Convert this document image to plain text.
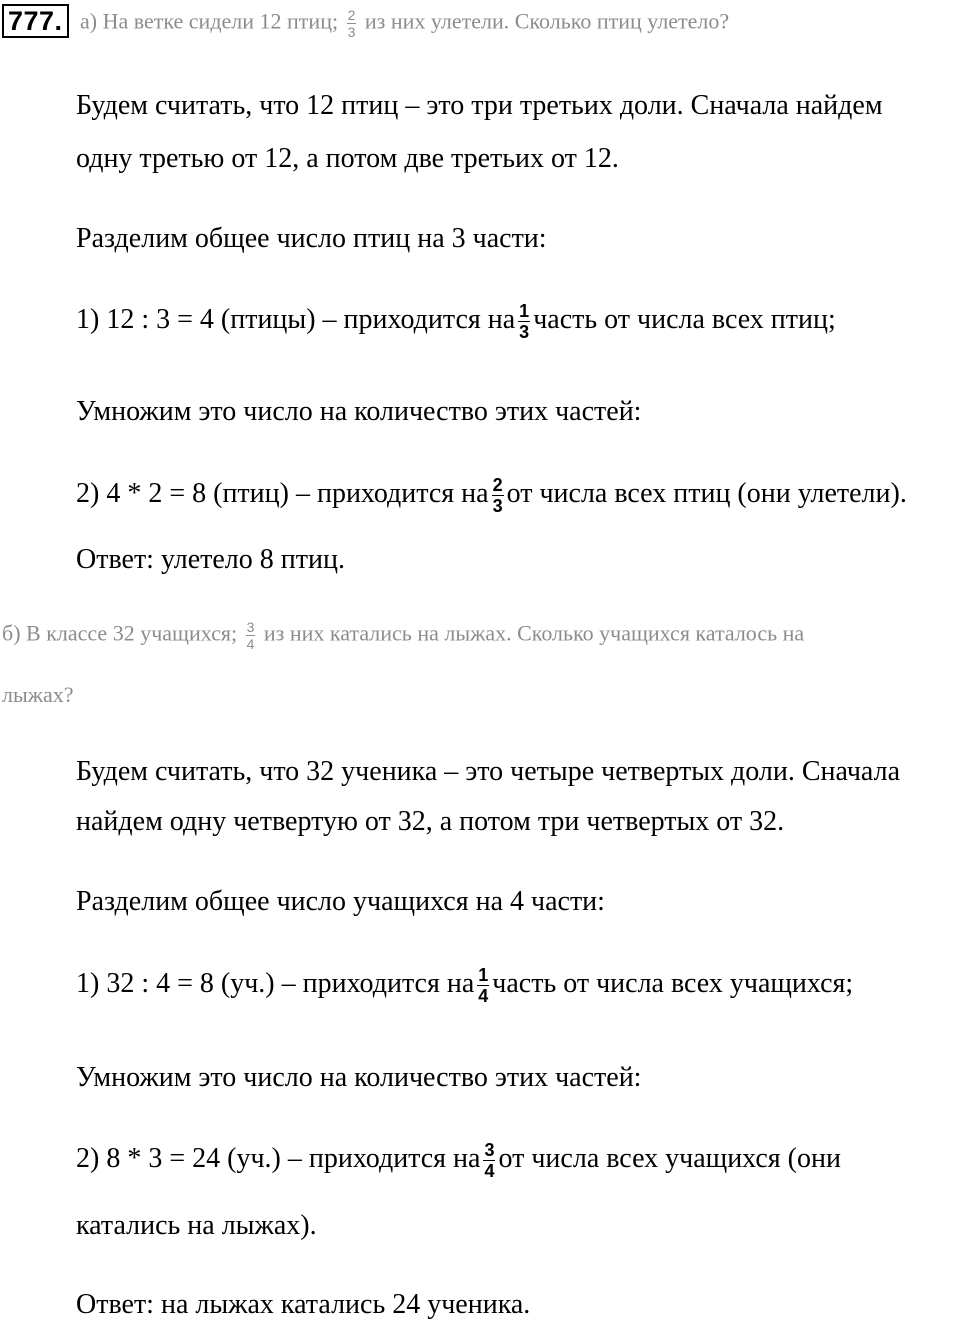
777. а) На ветке сидели 12 птиц; $\frac{2}{3}$ из них улетели. Сколько птиц улетело?
Будем считать, что 12 птиц – это три третьих доли. Сначала найдем
одну третью от 12, а потом две третьих от 12.
Разделим общее число птиц на 3 части:
1) 12 : 3 = 4 (птицы) – приходится на $\frac{1}{3}$ часть от числа всех птиц;
Умножим это число на количество этих частей:
2) 4 * 2 = 8 (птиц) – приходится на $\frac{2}{3}$ от числа всех птиц (они улетели).
Ответ: улетело 8 птиц.
б) В классе 32 учащихся; $\frac{3}{4}$ из них катались на лыжах. Сколько учащихся каталось на
лыжах?
Будем считать, что 32 ученика – это четыре четвертых доли. Сначала
найдем одну четвертую от 32, а потом три четвертых от 32.
Разделим общее число учащихся на 4 части:
1) 32 : 4 = 8 (уч.) – приходится на $\frac{1}{4}$ часть от числа всех учащихся;
Умножим это число на количество этих частей:
2) 8 * 3 = 24 (уч.) – приходится на $\frac{3}{4}$ от числа всех учащихся (они
катались на лыжах).
Ответ: на лыжах катались 24 ученика.
